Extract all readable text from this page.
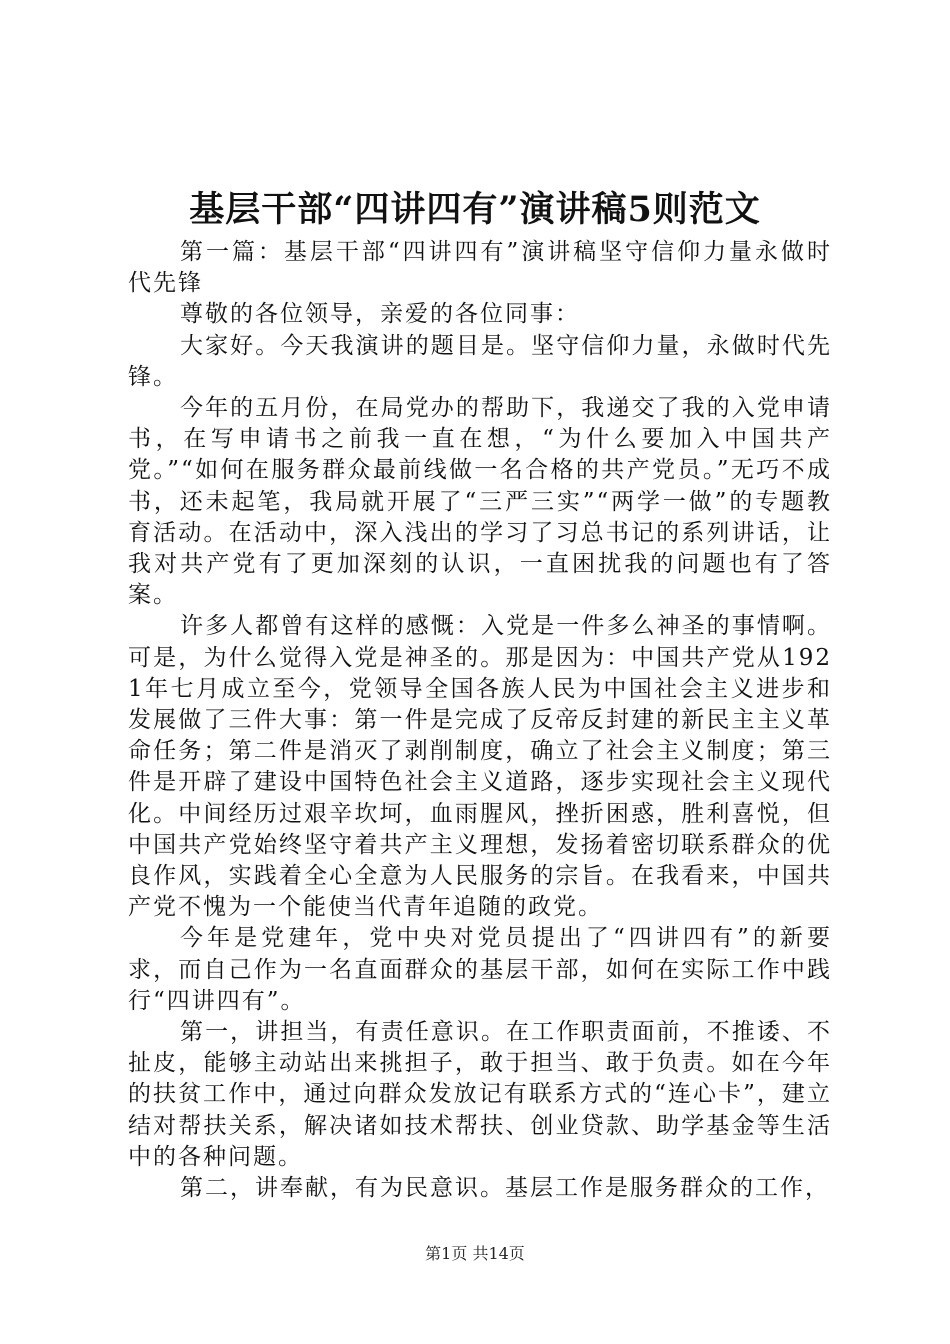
基层干部“四讲四有”演讲稿5则范文

第一篇：基层干部“四讲四有”演讲稿坚守信仰力量永做时代先锋

尊敬的各位领导，亲爱的各位同事：

大家好。今天我演讲的题目是。坚守信仰力量，永做时代先锋。

今年的五月份，在局党办的帮助下，我递交了我的入党申请书，在写申请书之前我一直在想，“为什么要加入中国共产党。”“如何在服务群众最前线做一名合格的共产党员。”无巧不成书，还未起笔，我局就开展了“三严三实”“两学一做”的专题教育活动。在活动中，深入浅出的学习了习总书记的系列讲话，让我对共产党有了更加深刻的认识，一直困扰我的问题也有了答案。

许多人都曾有这样的感慨：入党是一件多么神圣的事情啊。可是，为什么觉得入党是神圣的。那是因为：中国共产党从1921年七月成立至今，党领导全国各族人民为中国社会主义进步和发展做了三件大事：第一件是完成了反帝反封建的新民主主义革命任务；第二件是消灭了剥削制度，确立了社会主义制度；第三件是开辟了建设中国特色社会主义道路，逐步实现社会主义现代化。中间经历过艰辛坎坷，血雨腥风，挫折困惑，胜利喜悦，但中国共产党始终坚守着共产主义理想，发扬着密切联系群众的优良作风，实践着全心全意为人民服务的宗旨。在我看来，中国共产党不愧为一个能使当代青年追随的政党。

今年是党建年，党中央对党员提出了“四讲四有”的新要求，而自己作为一名直面群众的基层干部，如何在实际工作中践行“四讲四有”。

第一，讲担当，有责任意识。在工作职责面前，不推诿、不扯皮，能够主动站出来挑担子，敢于担当、敢于负责。如在今年的扶贫工作中，通过向群众发放记有联系方式的“连心卡”，建立结对帮扶关系，解决诸如技术帮扶、创业贷款、助学基金等生活中的各种问题。

第二，讲奉献，有为民意识。基层工作是服务群众的工作，

第1页 共14页
